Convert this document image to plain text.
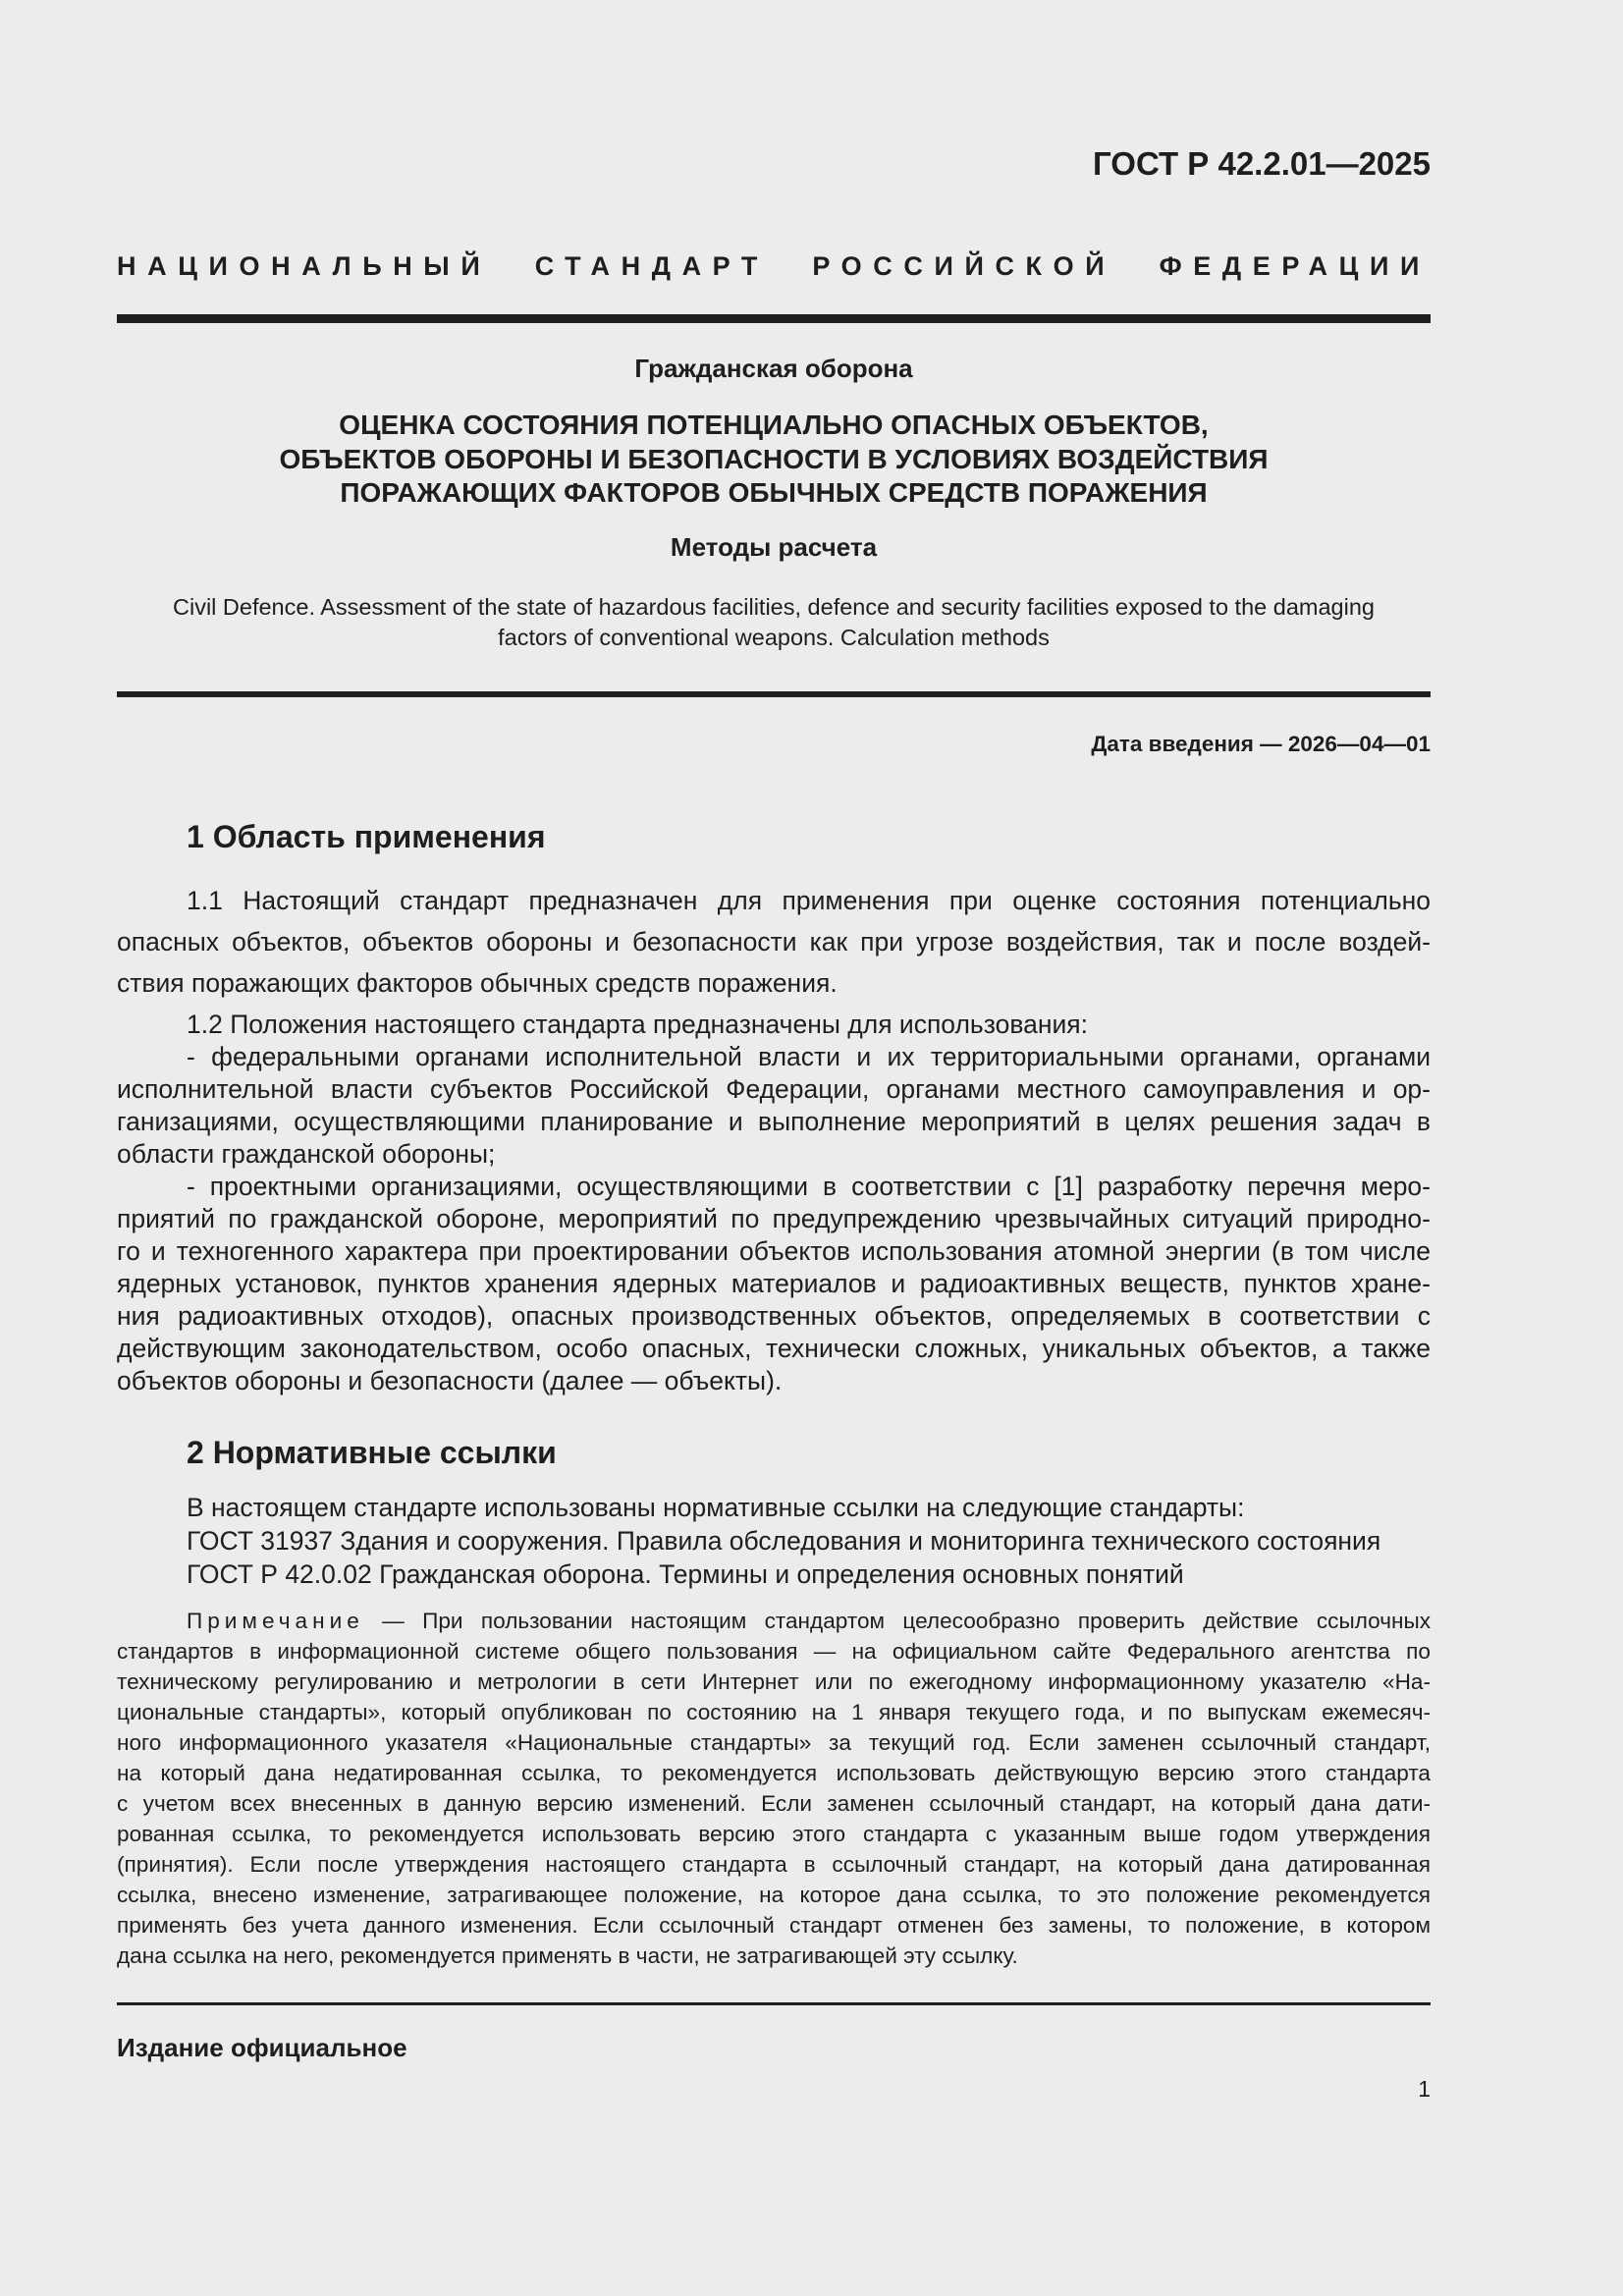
ГОСТ Р 42.2.01—2025

НАЦИОНАЛЬНЫЙ СТАНДАРТ РОССИЙСКОЙ ФЕДЕРАЦИИ

Гражданская оборона

ОЦЕНКА СОСТОЯНИЯ ПОТЕНЦИАЛЬНО ОПАСНЫХ ОБЪЕКТОВ,

ОБЪЕКТОВ ОБОРОНЫ И БЕЗОПАСНОСТИ В УСЛОВИЯХ ВОЗДЕЙСТВИЯ

ПОРАЖАЮЩИХ ФАКТОРОВ ОБЫЧНЫХ СРЕДСТВ ПОРАЖЕНИЯ

Методы расчета

Civil Defence. Assessment of the state of hazardous facilities, defence and security facilities exposed to the damaging

factors of conventional weapons. Calculation methods

Дата введения — 2026—04—01

1 Область применения

1.1 Настоящий стандарт предназначен для применения при оценке состояния потенциально

опасных объектов, объектов обороны и безопасности как при угрозе воздействия, так и после воздей-

ствия поражающих факторов обычных средств поражения.

1.2 Положения настоящего стандарта предназначены для использования:

- федеральными органами исполнительной власти и их территориальными органами, органами

исполнительной власти субъектов Российской Федерации, органами местного самоуправления и ор-

ганизациями, осуществляющими планирование и выполнение мероприятий в целях решения задач в

области гражданской обороны;

- проектными организациями, осуществляющими в соответствии с [1] разработку перечня меро-

приятий по гражданской обороне, мероприятий по предупреждению чрезвычайных ситуаций природно-

го и техногенного характера при проектировании объектов использования атомной энергии (в том числе

ядерных установок, пунктов хранения ядерных материалов и радиоактивных веществ, пунктов хране-

ния радиоактивных отходов), опасных производственных объектов, определяемых в соответствии с

действующим законодательством, особо опасных, технически сложных, уникальных объектов, а также

объектов обороны и безопасности (далее — объекты).

2 Нормативные ссылки

В настоящем стандарте использованы нормативные ссылки на следующие стандарты:

ГОСТ 31937 Здания и сооружения. Правила обследования и мониторинга технического состояния

ГОСТ Р 42.0.02 Гражданская оборона. Термины и определения основных понятий

Примечание — При пользовании настоящим стандартом целесообразно проверить действие ссылочных

стандартов в информационной системе общего пользования — на официальном сайте Федерального агентства по

техническому регулированию и метрологии в сети Интернет или по ежегодному информационному указателю «На-

циональные стандарты», который опубликован по состоянию на 1 января текущего года, и по выпускам ежемесяч-

ного информационного указателя «Национальные стандарты» за текущий год. Если заменен ссылочный стандарт,

на который дана недатированная ссылка, то рекомендуется использовать действующую версию этого стандарта

с учетом всех внесенных в данную версию изменений. Если заменен ссылочный стандарт, на который дана дати-

рованная ссылка, то рекомендуется использовать версию этого стандарта с указанным выше годом утверждения

(принятия). Если после утверждения настоящего стандарта в ссылочный стандарт, на который дана датированная

ссылка, внесено изменение, затрагивающее положение, на которое дана ссылка, то это положение рекомендуется

применять без учета данного изменения. Если ссылочный стандарт отменен без замены, то положение, в котором

дана ссылка на него, рекомендуется применять в части, не затрагивающей эту ссылку.

Издание официальное

1
